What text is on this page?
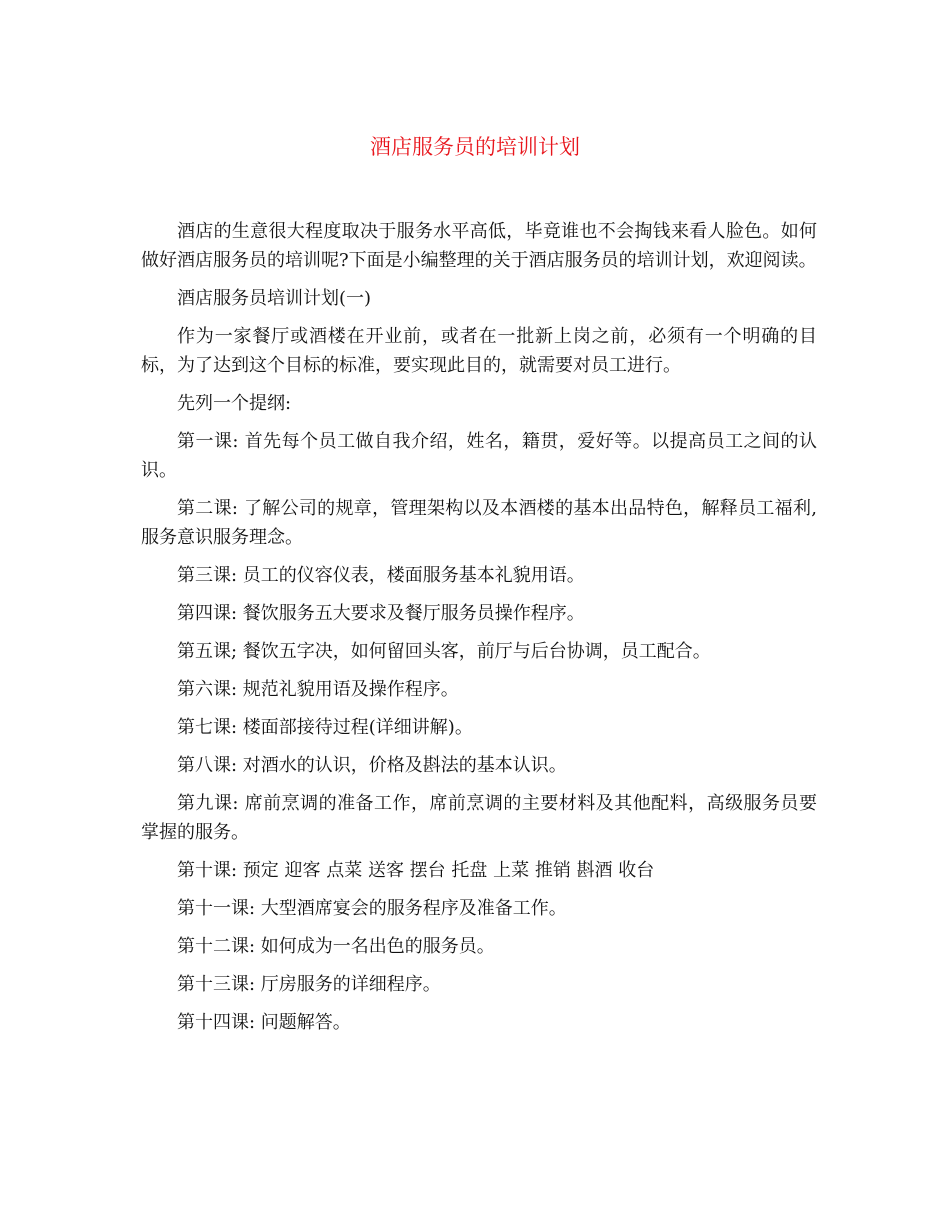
酒店服务员的培训计划

酒店的生意很大程度取决于服务水平高低，毕竟谁也不会掏钱来看人脸色。如何做好酒店服务员的培训呢?下面是小编整理的关于酒店服务员的培训计划，欢迎阅读。

酒店服务员培训计划(一)

作为一家餐厅或酒楼在开业前，或者在一批新上岗之前，必须有一个明确的目标，为了达到这个目标的标准，要实现此目的，就需要对员工进行。

先列一个提纲:

第一课: 首先每个员工做自我介绍，姓名，籍贯，爱好等。以提高员工之间的认识。

第二课: 了解公司的规章，管理架构以及本酒楼的基本出品特色，解释员工福利, 服务意识服务理念。

第三课: 员工的仪容仪表，楼面服务基本礼貌用语。

第四课: 餐饮服务五大要求及餐厅服务员操作程序。

第五课; 餐饮五字决，如何留回头客，前厅与后台协调，员工配合。

第六课: 规范礼貌用语及操作程序。

第七课: 楼面部接待过程(详细讲解)。

第八课: 对酒水的认识，价格及斟法的基本认识。

第九课: 席前烹调的准备工作，席前烹调的主要材料及其他配料，高级服务员要掌握的服务。

第十课: 预定 迎客 点菜 送客 摆台 托盘 上菜 推销 斟酒 收台

第十一课: 大型酒席宴会的服务程序及准备工作。

第十二课: 如何成为一名出色的服务员。

第十三课: 厅房服务的详细程序。

第十四课: 问题解答。
